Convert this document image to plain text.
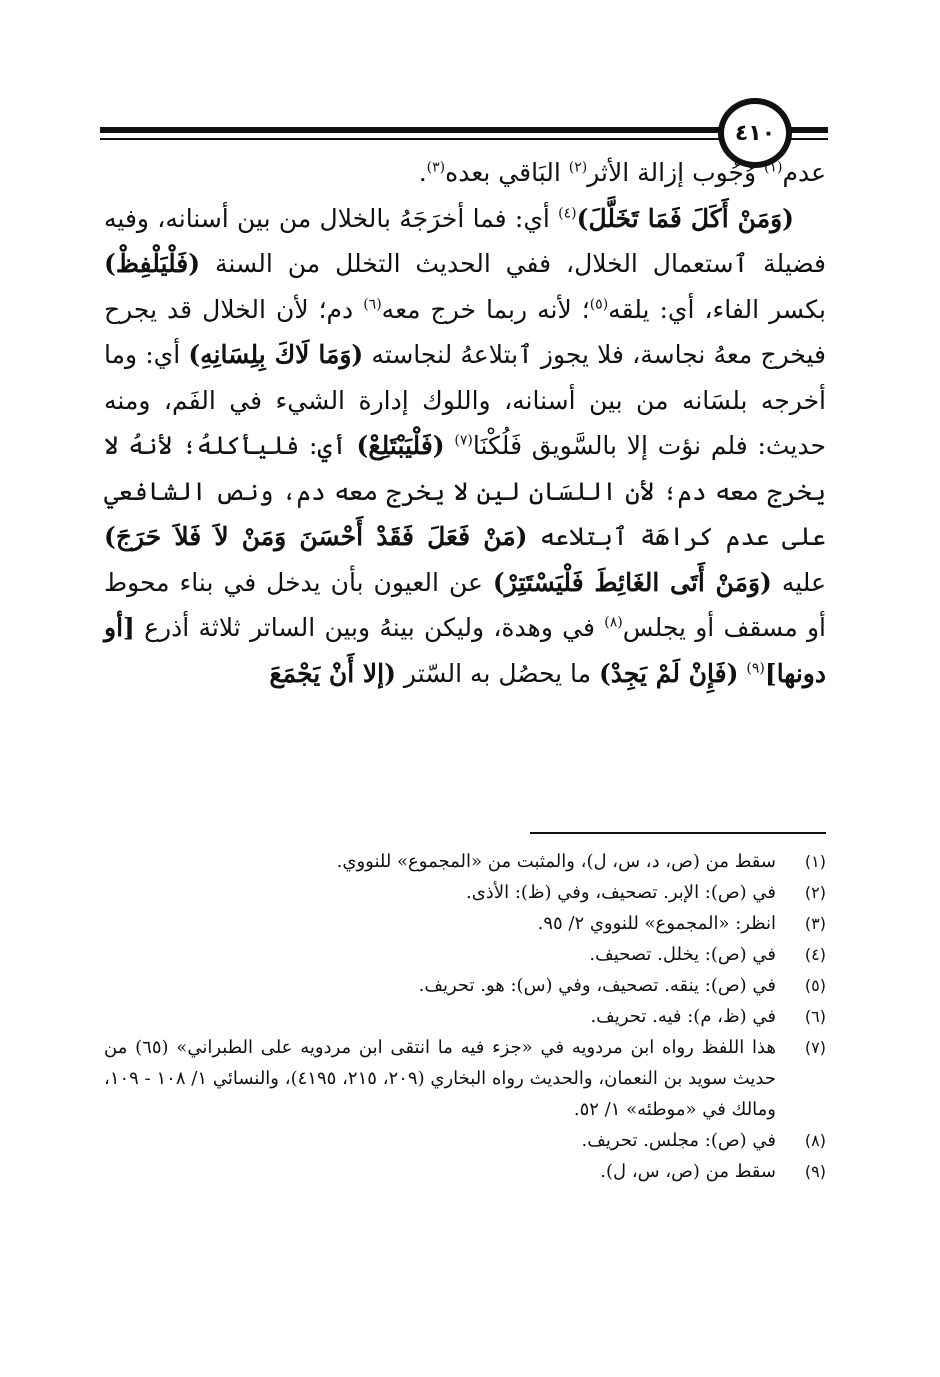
٤١٠

عدم$^{(١)}$ وُجُوب إزالة الأثر$^{(٢)}$ البَاقي بعده$^{(٣)}$.

(وَمَنْ أَكَلَ فَمَا تَخَلَّلَ)$^{(٤)}$ أي: فما أخرَجَهُ بالخلال من بين أسنانه، وفيه فضيلة ٱستعمال الخلال، ففي الحديث التخلل من السنة (فَلْيَلْفِظْ) بكسر الفاء، أي: يلقه$^{(٥)}$؛ لأنه ربما خرج معه$^{(٦)}$ دم؛ لأن الخلال قد يجرح فيخرج معهُ نجاسة، فلا يجوز ٱبتلاعهُ لنجاسته (وَمَا لَاكَ بِلِسَانِهِ) أي: وما أخرجه بلسَانه من بين أسنانه، واللوك إدارة الشيء في الفَم، ومنه حديث: فلم نؤت إلا بالسَّويق فَلُكْنَا$^{(٧)}$ (فَلْيَبْتَلِعْ) أي: فليأكلهُ؛ لأنهُ لا يخرج معه دم؛ لأن اللسَان لين لا يخرج معه دم، ونص الشافعي على عدم كراهَة ٱبتلاعه (مَنْ فَعَلَ فَقَدْ أَحْسَنَ وَمَنْ لاَ فَلاَ حَرَجَ) عليه (وَمَنْ أَتَى الغَائِطَ فَلْيَسْتَتِرْ) عن العيون بأن يدخل في بناء محوط أو مسقف أو يجلس$^{(٨)}$ في وهدة، وليكن بينهُ وبين الساتر ثلاثة أذرع [أو دونها]$^{(٩)}$ (فَإِنْ لَمْ يَجِدْ) ما يحصُل به السّتر (إلا أَنْ يَجْمَعَ

(١)
سقط من (ص، د، س، ل)، والمثبت من «المجموع» للنووي.
(٢)
في (ص): الإبر. تصحيف، وفي (ظ): الأذى.
(٣)
انظر: «المجموع» للنووي ٢/ ٩٥.
(٤)
في (ص): يخلل. تصحيف.
(٥)
في (ص): ينقه. تصحيف، وفي (س): هو. تحريف.
(٦)
في (ظ، م): فيه. تحريف.
(٧)
هذا اللفظ رواه ابن مردويه في «جزء فيه ما انتقى ابن مردويه على الطبراني» (٦٥) من حديث سويد بن النعمان، والحديث رواه البخاري (٢٠٩، ٢١٥، ٤١٩٥)، والنسائي ١/ ١٠٨ - ١٠٩، ومالك في «موطئه» ١/ ٥٢.
(٨)
في (ص): مجلس. تحريف.
(٩)
سقط من (ص، س، ل).
